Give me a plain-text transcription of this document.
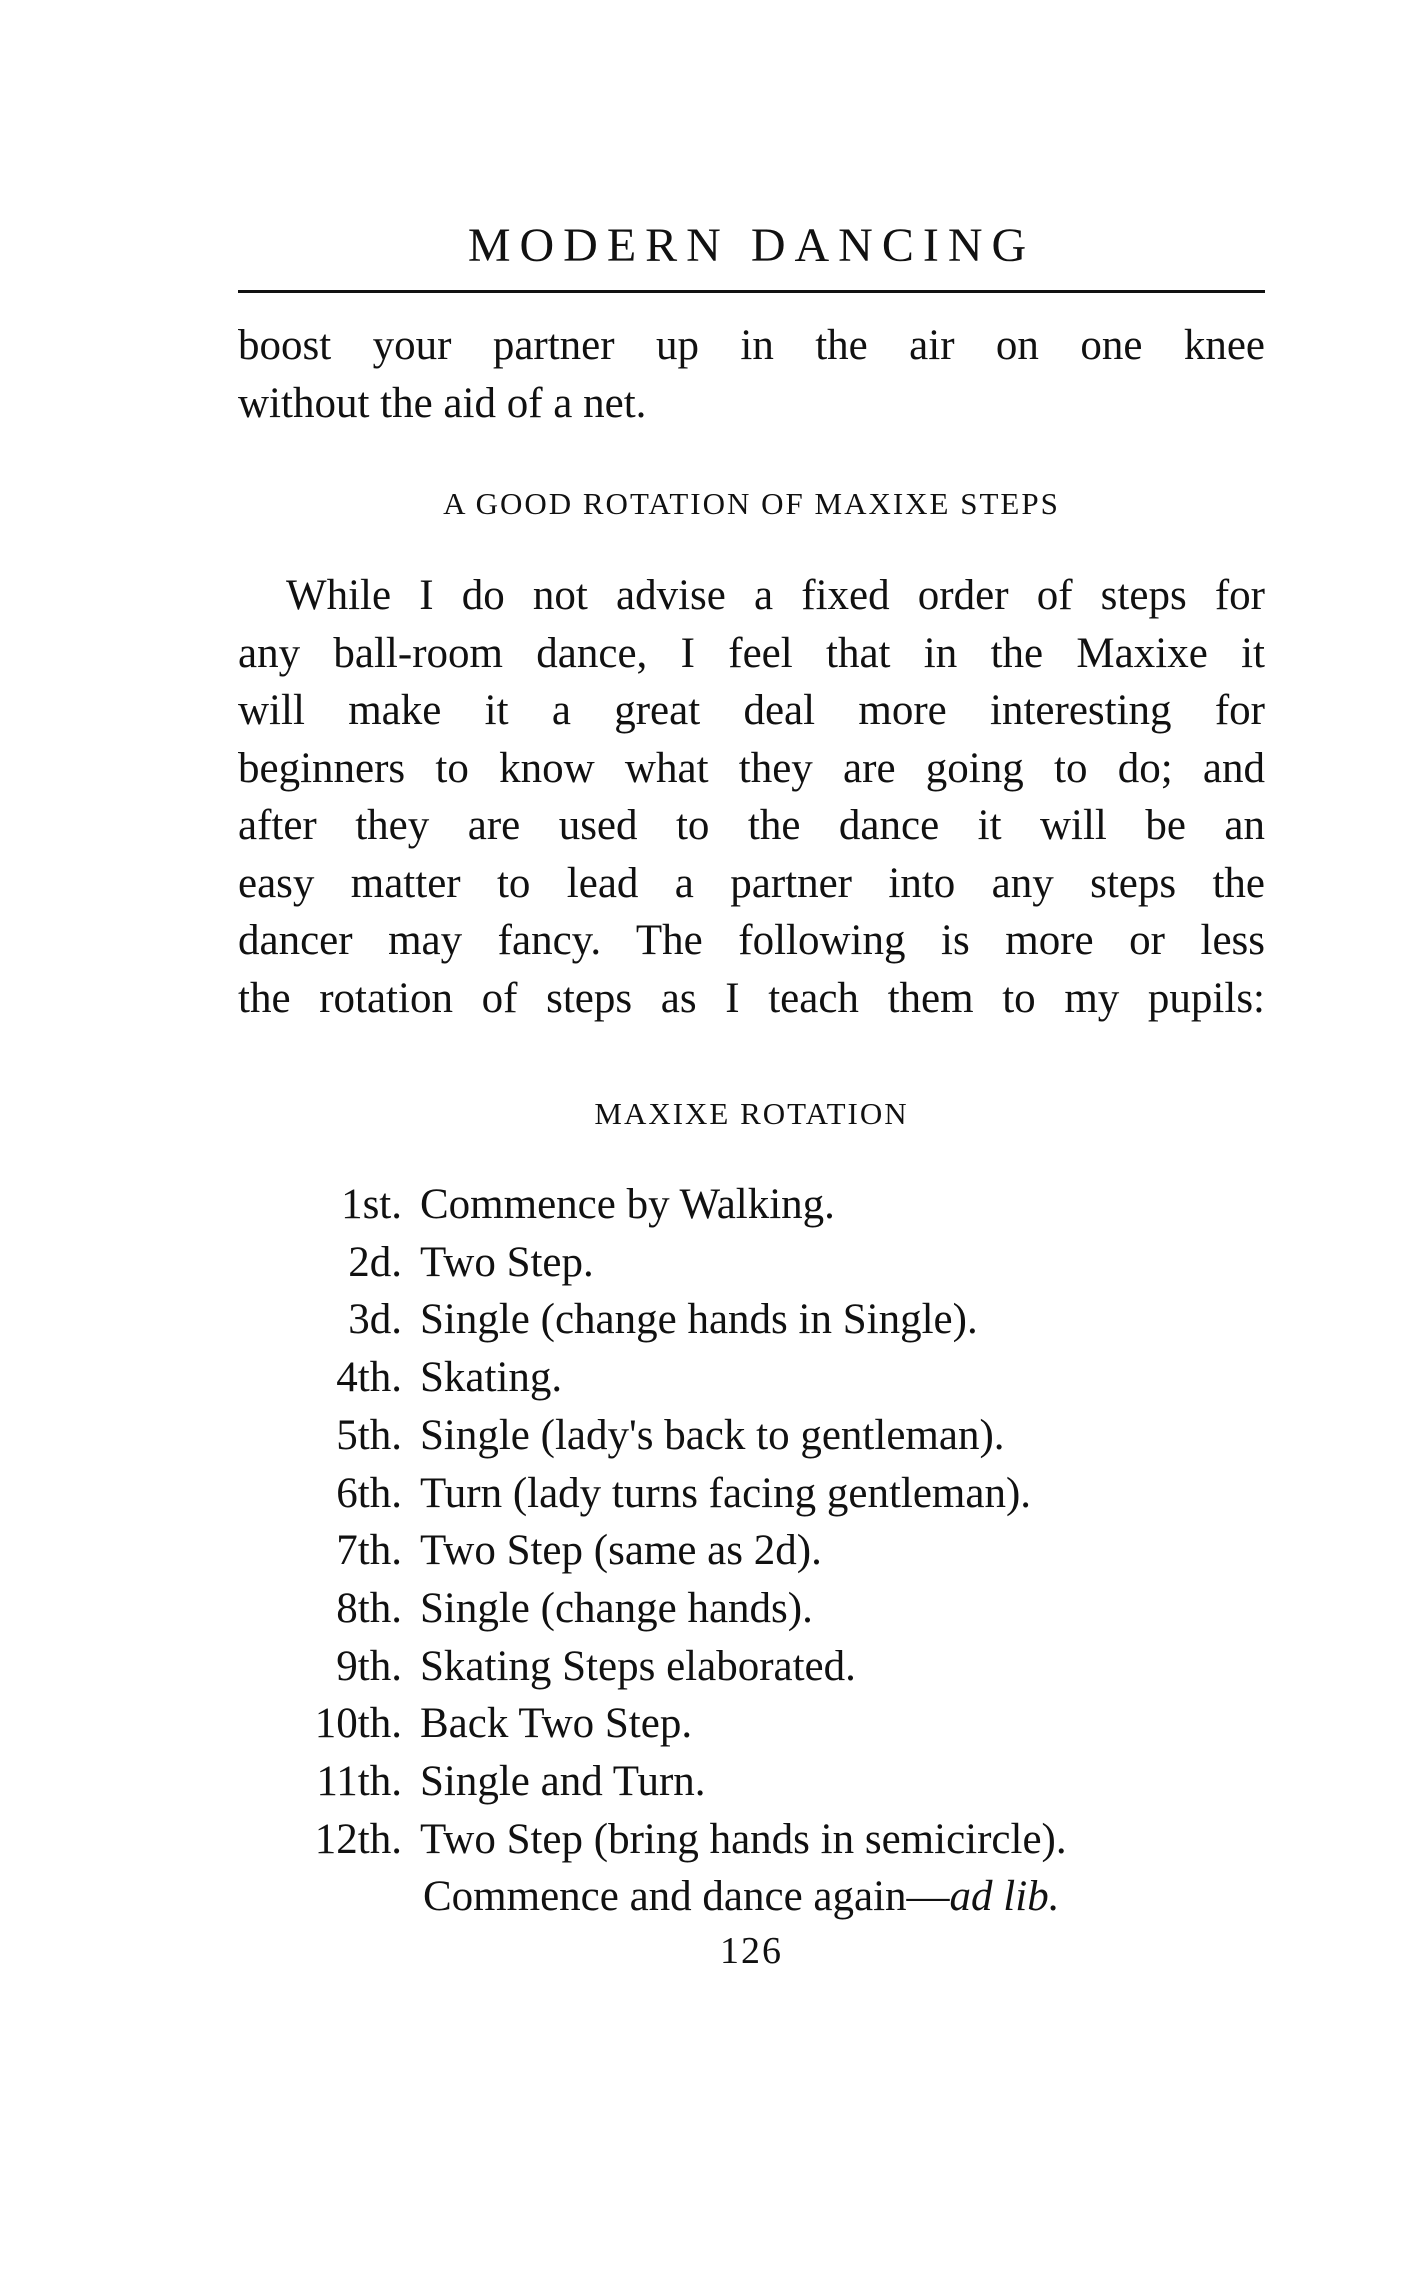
MODERN DANCING
boost your partner up in the air on one knee
without the aid of a net.
A GOOD ROTATION OF MAXIXE STEPS
While I do not advise a fixed order of steps for
any ball-room dance, I feel that in the Maxixe it
will make it a great deal more interesting for
beginners to know what they are going to do; and
after they are used to the dance it will be an
easy matter to lead a partner into any steps the
dancer may fancy. The following is more or less
the rotation of steps as I teach them to my pupils:
MAXIXE ROTATION
1st. Commence by Walking.
2d. Two Step.
3d. Single (change hands in Single).
4th. Skating.
5th. Single (lady's back to gentleman).
6th. Turn (lady turns facing gentleman).
7th. Two Step (same as 2d).
8th. Single (change hands).
9th. Skating Steps elaborated.
10th. Back Two Step.
11th. Single and Turn.
12th. Two Step (bring hands in semicircle).
Commence and dance again—ad lib.
126
